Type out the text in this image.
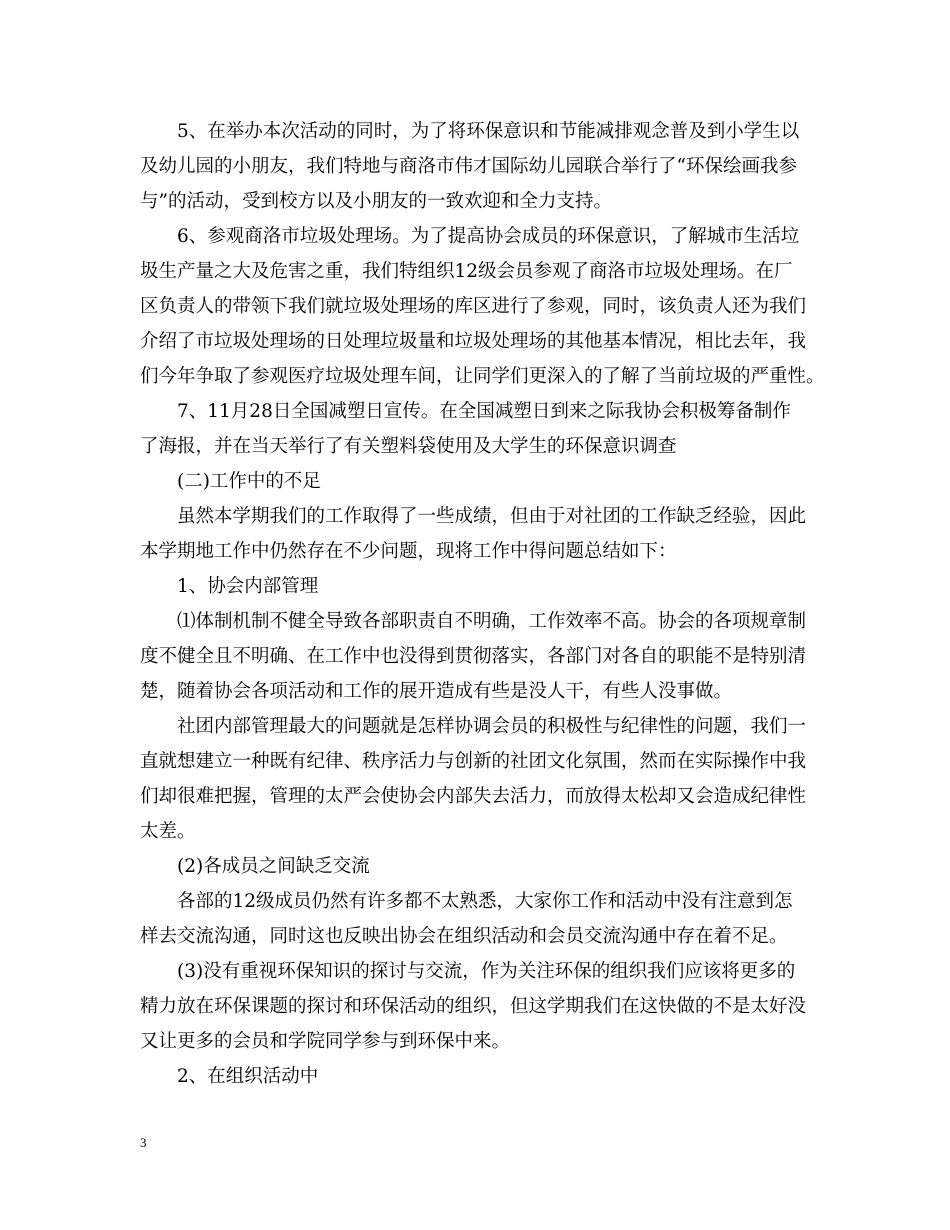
5、在举办本次活动的同时，为了将环保意识和节能减排观念普及到小学生以
及幼儿园的小朋友，我们特地与商洛市伟才国际幼儿园联合举行了“环保绘画我参
与”的活动，受到校方以及小朋友的一致欢迎和全力支持。
6、参观商洛市垃圾处理场。为了提高协会成员的环保意识，了解城市生活垃
圾生产量之大及危害之重，我们特组织12级会员参观了商洛市垃圾处理场。在厂
区负责人的带领下我们就垃圾处理场的库区进行了参观，同时，该负责人还为我们
介绍了市垃圾处理场的日处理垃圾量和垃圾处理场的其他基本情况，相比去年，我
们今年争取了参观医疗垃圾处理车间，让同学们更深入的了解了当前垃圾的严重性。
7、11月28日全国减塑日宣传。在全国减塑日到来之际我协会积极筹备制作
了海报，并在当天举行了有关塑料袋使用及大学生的环保意识调查
(二)工作中的不足
虽然本学期我们的工作取得了一些成绩，但由于对社团的工作缺乏经验，因此
本学期地工作中仍然存在不少问题，现将工作中得问题总结如下：
1、协会内部管理
⑴体制机制不健全导致各部职责自不明确，工作效率不高。协会的各项规章制
度不健全且不明确、在工作中也没得到贯彻落实，各部门对各自的职能不是特别清
楚，随着协会各项活动和工作的展开造成有些是没人干，有些人没事做。
社团内部管理最大的问题就是怎样协调会员的积极性与纪律性的问题，我们一
直就想建立一种既有纪律、秩序活力与创新的社团文化氛围，然而在实际操作中我
们却很难把握，管理的太严会使协会内部失去活力，而放得太松却又会造成纪律性
太差。
(2)各成员之间缺乏交流
各部的12级成员仍然有许多都不太熟悉，大家你工作和活动中没有注意到怎
样去交流沟通，同时这也反映出协会在组织活动和会员交流沟通中存在着不足。
(3)没有重视环保知识的探讨与交流，作为关注环保的组织我们应该将更多的
精力放在环保课题的探讨和环保活动的组织，但这学期我们在这快做的不是太好没
又让更多的会员和学院同学参与到环保中来。
2、在组织活动中
3
